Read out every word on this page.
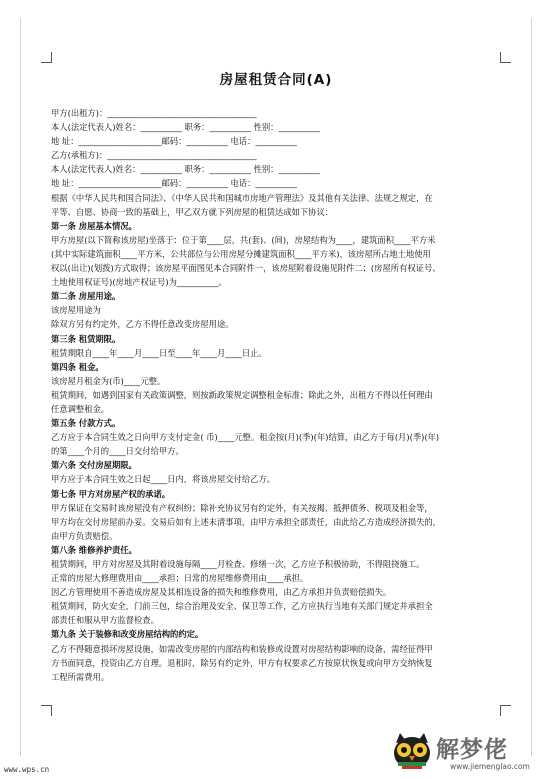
房屋租赁合同(A)
甲方(出租方)：____________________________________
本人(法定代表人)姓名：__________ 职务：__________ 性别：__________
地 址：____________________邮码：__________ 电话：__________
乙方(承租方)：____________________________________
本人(法定代表人)姓名：__________ 职务：__________ 性别：__________
地 址：____________________邮码：__________ 电话：__________
根据《中华人民共和国合同法》、《中华人民共和国城市房地产管理法》及其他有关法律、法规之规定，在
平等、自愿、协商一致的基础上，甲乙双方就下列房屋的租赁达成如下协议：
第一条 房屋基本情况。
甲方房屋(以下简称该房屋)坐落于：位于第____层，共(套)、(间)，房屋结构为____，建筑面积____平方米
(其中实际建筑面积____平方米，公共部位与公用房屋分摊建筑面积____平方米)，该房屋所占地土地使用
权以(出让)(划拨)方式取得；该房屋平面图见本合同附件一，该房屋附着设施见附件二；(房屋所有权证号、
土地使用权证号)(房地产权证号)为__________。
第二条 房屋用途。
该房屋用途为
除双方另有约定外，乙方不得任意改变房屋用途。
第三条 租赁期限。
租赁期限自____年____月____日至____年____月____日止。
第四条 租金。
该房屋月租金为(币)____元整。
租赁期间，如遇到国家有关政策调整，则按新政策规定调整租金标准；除此之外，出租方不得以任何理由
任意调整租金。
第五条 付款方式。
乙方应于本合同生效之日向甲方支付定金( 币)____元整。租金按(月)(季)(年)结算，由乙方于每(月)(季)(年)
的第____个月的____日交付给甲方。
第六条 交付房屋期限。
甲方应于本合同生效之日起____日内，将该房屋交付给乙方。
第七条 甲方对房屋产权的承诺。
甲方保证在交易时该房屋没有产权纠纷；除补充协议另有约定外，有关按揭、抵押债务、税项及租金等，
甲方均在交付房屋前办妥。交易后如有上述未清事项，由甲方承担全部责任，由此给乙方造成经济损失的，
由甲方负责赔偿。
第八条 维修养护责任。
租赁期间，甲方对房屋及其附着设施每隔____月检查、修缮一次，乙方应予积极协助，不得阻挠施工。
正常的房屋大修理费用由____承担；日常的房屋维修费用由____承担。
因乙方管理使用不善造成房屋及其相连设备的损失和维修费用，由乙方承担并负责赔偿损失。
租赁期间，防火安全，门前三包，综合治理及安全、保卫等工作，乙方应执行当地有关部门规定并承担全
部责任和服从甲方监督检查。
第九条 关于装修和改变房屋结构的约定。
乙方不得随意损坏房屋设施，如需改变房屋的内部结构和装修或设置对房屋结构影响的设备，需经征得甲
方书面同意，投资由乙方自理。退租时，除另有约定外，甲方有权要求乙方按原状恢复或向甲方交纳恢复
工程所需费用。
www.wps.cn
解梦佬
www.jiemenglao.com
